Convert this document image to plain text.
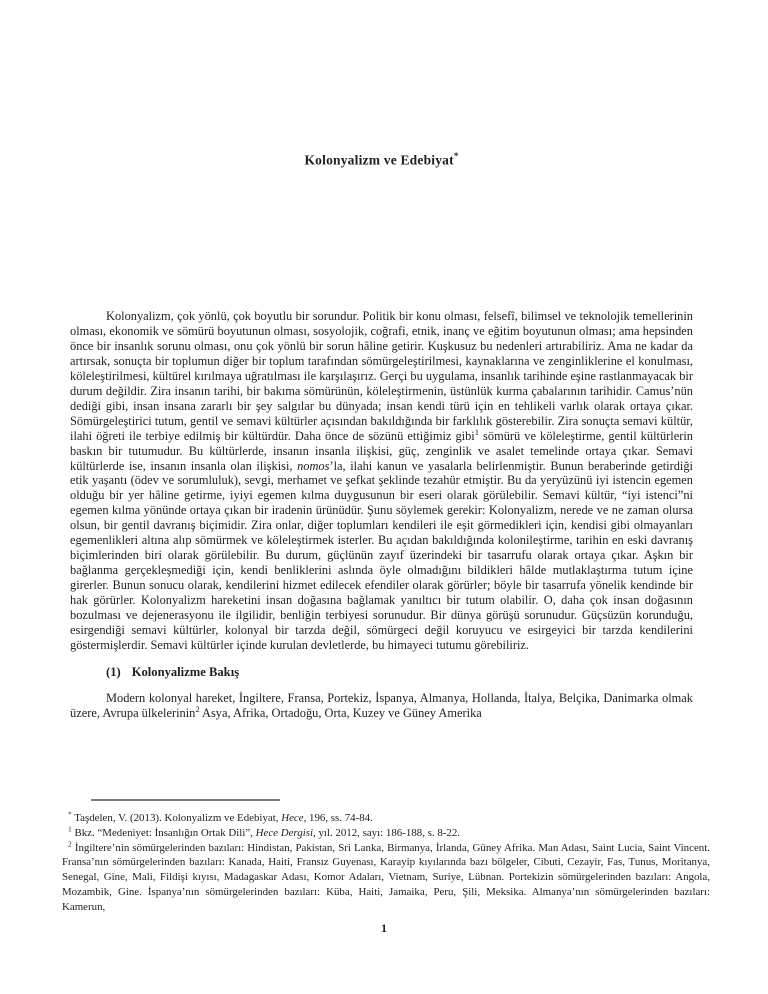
Kolonyalizm ve Edebiyat*

Kolonyalizm, çok yönlü, çok boyutlu bir sorundur. Politik bir konu olması, felsefî, bilimsel ve teknolojik temellerinin olması, ekonomik ve sömürü boyutunun olması, sosyolojik, coğrafi, etnik, inanç ve eğitim boyutunun olması; ama hepsinden önce bir insanlık sorunu olması, onu çok yönlü bir sorun hâline getirir. Kuşkusuz bu nedenleri artırabiliriz. Ama ne kadar da artırsak, sonuçta bir toplumun diğer bir toplum tarafından sömürgeleştirilmesi, kaynaklarına ve zenginliklerine el konulması, köleleştirilmesi, kültürel kırılmaya uğratılması ile karşılaşırız. Gerçi bu uygulama, insanlık tarihinde eşine rastlanmayacak bir durum değildir. Zira insanın tarihi, bir bakıma sömürünün, köleleştirmenin, üstünlük kurma çabalarının tarihidir. Camus’nün dediği gibi, insan insana zararlı bir şey salgılar bu dünyada; insan kendi türü için en tehlikeli varlık olarak ortaya çıkar. Sömürgeleştirici tutum, gentil ve semavi kültürler açısından bakıldığında bir farklılık gösterebilir. Zira sonuçta semavi kültür, ilahi öğreti ile terbiye edilmiş bir kültürdür. Daha önce de sözünü ettiğimiz gibi$^1$ sömürü ve köleleştirme, gentil kültürlerin baskın bir tutumudur. Bu kültürlerde, insanın insanla ilişkisi, güç, zenginlik ve asalet temelinde ortaya çıkar. Semavi kültürlerde ise, insanın insanla olan ilişkisi, nomos’la, ilahi kanun ve yasalarla belirlenmiştir. Bunun beraberinde getirdiği etik yaşantı (ödev ve sorumluluk), sevgi, merhamet ve şefkat şeklinde tezahür etmiştir. Bu da yeryüzünü iyi istencin egemen olduğu bir yer hâline getirme, iyiyi egemen kılma duygusunun bir eseri olarak görülebilir. Semavi kültür, “iyi istenci”ni egemen kılma yönünde ortaya çıkan bir iradenin ürünüdür. Şunu söylemek gerekir: Kolonyalizm, nerede ve ne zaman olursa olsun, bir gentil davranış biçimidir. Zira onlar, diğer toplumları kendileri ile eşit görmedikleri için, kendisi gibi olmayanları egemenlikleri altına alıp sömürmek ve köleleştirmek isterler. Bu açıdan bakıldığında kolonileştirme, tarihin en eski davranış biçimlerinden biri olarak görülebilir. Bu durum, güçlünün zayıf üzerindeki bir tasarrufu olarak ortaya çıkar. Aşkın bir bağlanma gerçekleşmediği için, kendi benliklerini aslında öyle olmadığını bildikleri hâlde mutlaklaştırma tutum içine girerler. Bunun sonucu olarak, kendilerini hizmet edilecek efendiler olarak görürler; böyle bir tasarrufa yönelik kendinde bir hak görürler. Kolonyalizm hareketini insan doğasına bağlamak yanıltıcı bir tutum olabilir. O, daha çok insan doğasının bozulması ve dejenerasyonu ile ilgilidir, benliğin terbiyesi sorunudur. Bir dünya görüşü sorunudur. Güçsüzün korunduğu, esirgendiği semavi kültürler, kolonyal bir tarzda değil, sömürgeci değil koruyucu ve esirgeyici bir tarzda kendilerini göstermişlerdir. Semavi kültürler içinde kurulan devletlerde, bu himayeci tutumu görebiliriz.

(1) Kolonyalizme Bakış

Modern kolonyal hareket, İngiltere, Fransa, Portekiz, İspanya, Almanya, Hollanda, İtalya, Belçika, Danimarka olmak üzere, Avrupa ülkelerinin$^2$ Asya, Afrika, Ortadoğu, Orta, Kuzey ve Güney Amerika

* Taşdelen, V. (2013). Kolonyalizm ve Edebiyat, Hece, 196, ss. 74-84.

$^1$ Bkz. “Medeniyet: İnsanlığın Ortak Dili”, Hece Dergisi, yıl. 2012, sayı: 186-188, s. 8-22.

$^2$ İngiltere’nin sömürgelerinden bazıları: Hindistan, Pakistan, Sri Lanka, Birmanya, İrlanda, Güney Afrika. Man Adası, Saint Lucia, Saint Vincent. Fransa’nın sömürgelerinden bazıları: Kanada, Haiti, Fransız Guyenası, Karayip kıyılarında bazı bölgeler, Cibuti, Cezayir, Fas, Tunus, Moritanya, Senegal, Gine, Mali, Fildişi kıyısı, Madagaskar Adası, Komor Adaları, Vietnam, Suriye, Lübnan. Portekizin sömürgelerinden bazıları: Angola, Mozambik, Gine. İspanya’nın sömürgelerinden bazıları: Küba, Haiti, Jamaika, Peru, Şili, Meksika. Almanya’nın sömürgelerinden bazıları: Kamerun,

1
